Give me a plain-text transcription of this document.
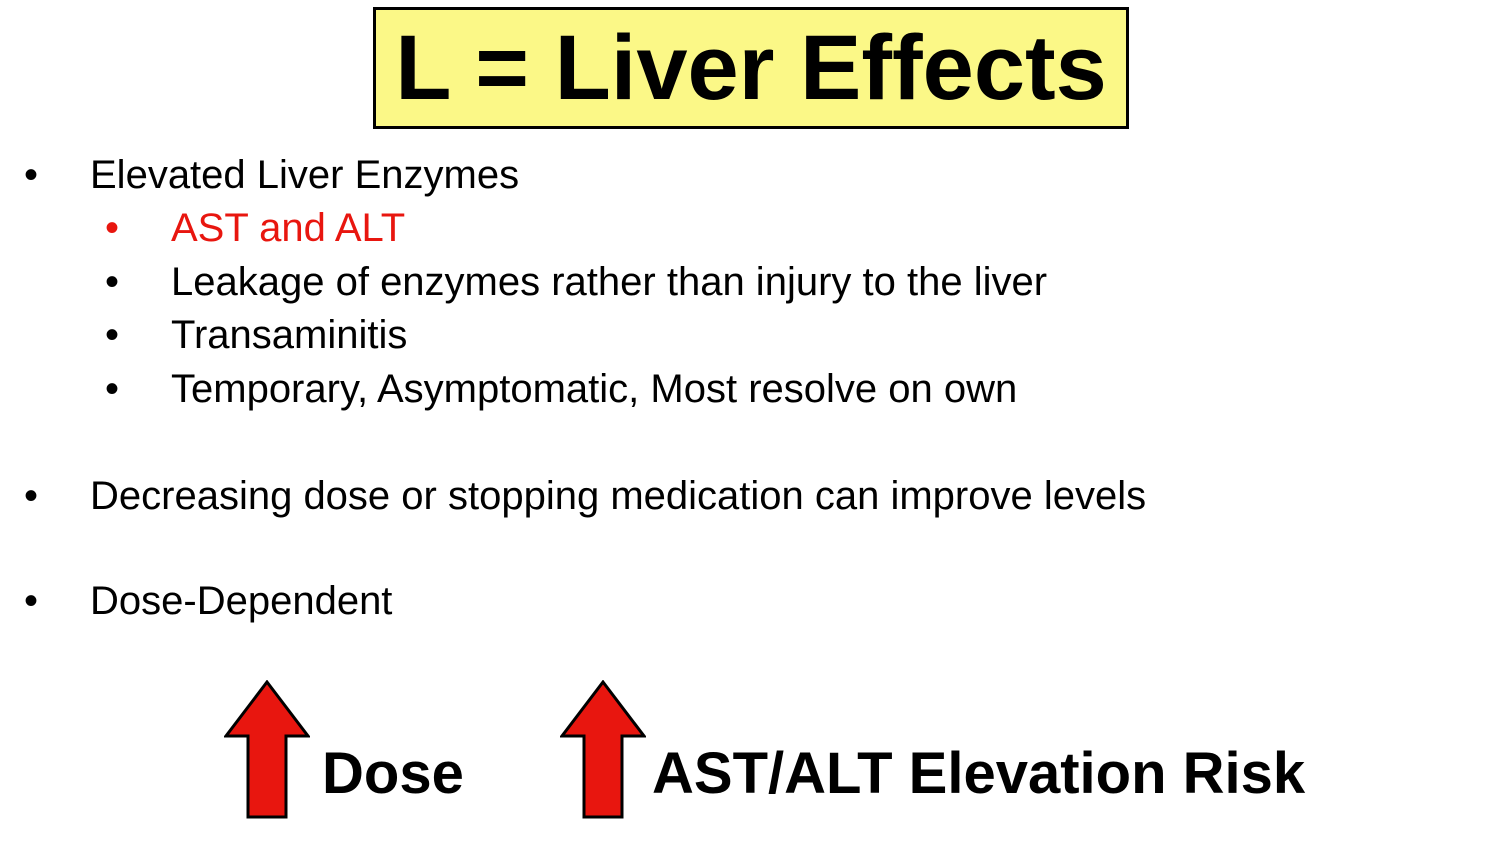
L = Liver Effects
• Elevated Liver Enzymes
• AST and ALT
• Leakage of enzymes rather than injury to the liver
• Transaminitis
• Temporary, Asymptomatic, Most resolve on own
• Decreasing dose or stopping medication can improve levels
• Dose-Dependent
Dose	AST/ALT Elevation Risk
